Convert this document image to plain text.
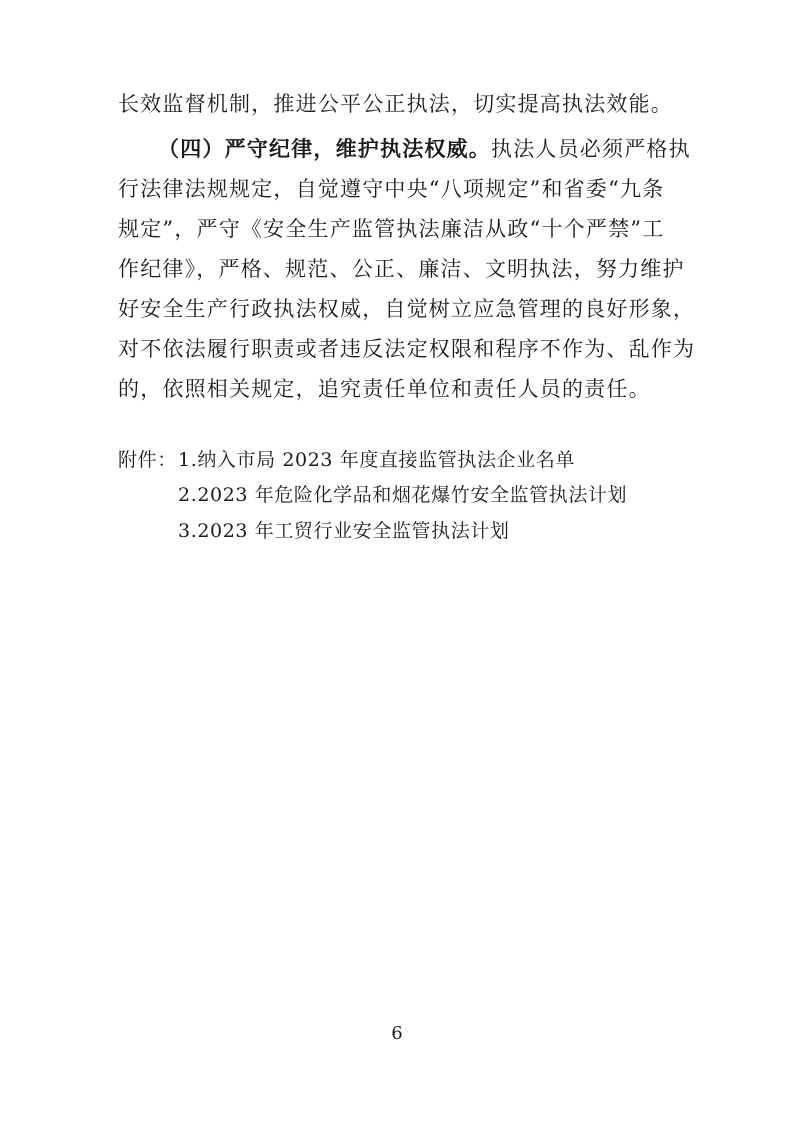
长效监督机制，推进公平公正执法，切实提高执法效能。
（四）严守纪律，维护执法权威。执法人员必须严格执
行法律法规规定，自觉遵守中央“八项规定”和省委“九条
规定”，严守《安全生产监管执法廉洁从政“十个严禁”工
作纪律》，严格、规范、公正、廉洁、文明执法，努力维护
好安全生产行政执法权威，自觉树立应急管理的良好形象，
对不依法履行职责或者违反法定权限和程序不作为、乱作为
的，依照相关规定，追究责任单位和责任人员的责任。
附件： 1.纳入市局 2023 年度直接监管执法企业名单
2.2023 年危险化学品和烟花爆竹安全监管执法计划
3.2023 年工贸行业安全监管执法计划
6
